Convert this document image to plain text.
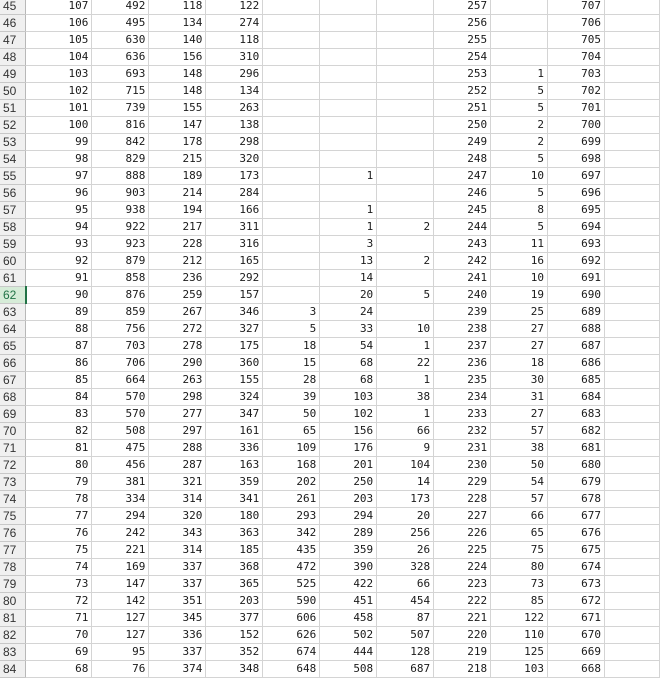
45	107	492	118	122				257		707	
46	106	495	134	274				256		706	
47	105	630	140	118				255		705	
48	104	636	156	310				254		704	
49	103	693	148	296				253	1	703	
50	102	715	148	134				252	5	702	
51	101	739	155	263				251	5	701	
52	100	816	147	138				250	2	700	
53	99	842	178	298				249	2	699	
54	98	829	215	320				248	5	698	
55	97	888	189	173		1		247	10	697	
56	96	903	214	284				246	5	696	
57	95	938	194	166		1		245	8	695	
58	94	922	217	311		1	2	244	5	694	
59	93	923	228	316		3		243	11	693	
60	92	879	212	165		13	2	242	16	692	
61	91	858	236	292		14		241	10	691	
62	90	876	259	157		20	5	240	19	690	
63	89	859	267	346	3	24		239	25	689	
64	88	756	272	327	5	33	10	238	27	688	
65	87	703	278	175	18	54	1	237	27	687	
66	86	706	290	360	15	68	22	236	18	686	
67	85	664	263	155	28	68	1	235	30	685	
68	84	570	298	324	39	103	38	234	31	684	
69	83	570	277	347	50	102	1	233	27	683	
70	82	508	297	161	65	156	66	232	57	682	
71	81	475	288	336	109	176	9	231	38	681	
72	80	456	287	163	168	201	104	230	50	680	
73	79	381	321	359	202	250	14	229	54	679	
74	78	334	314	341	261	203	173	228	57	678	
75	77	294	320	180	293	294	20	227	66	677	
76	76	242	343	363	342	289	256	226	65	676	
77	75	221	314	185	435	359	26	225	75	675	
78	74	169	337	368	472	390	328	224	80	674	
79	73	147	337	365	525	422	66	223	73	673	
80	72	142	351	203	590	451	454	222	85	672	
81	71	127	345	377	606	458	87	221	122	671	
82	70	127	336	152	626	502	507	220	110	670	
83	69	95	337	352	674	444	128	219	125	669	
84	68	76	374	348	648	508	687	218	103	668	
